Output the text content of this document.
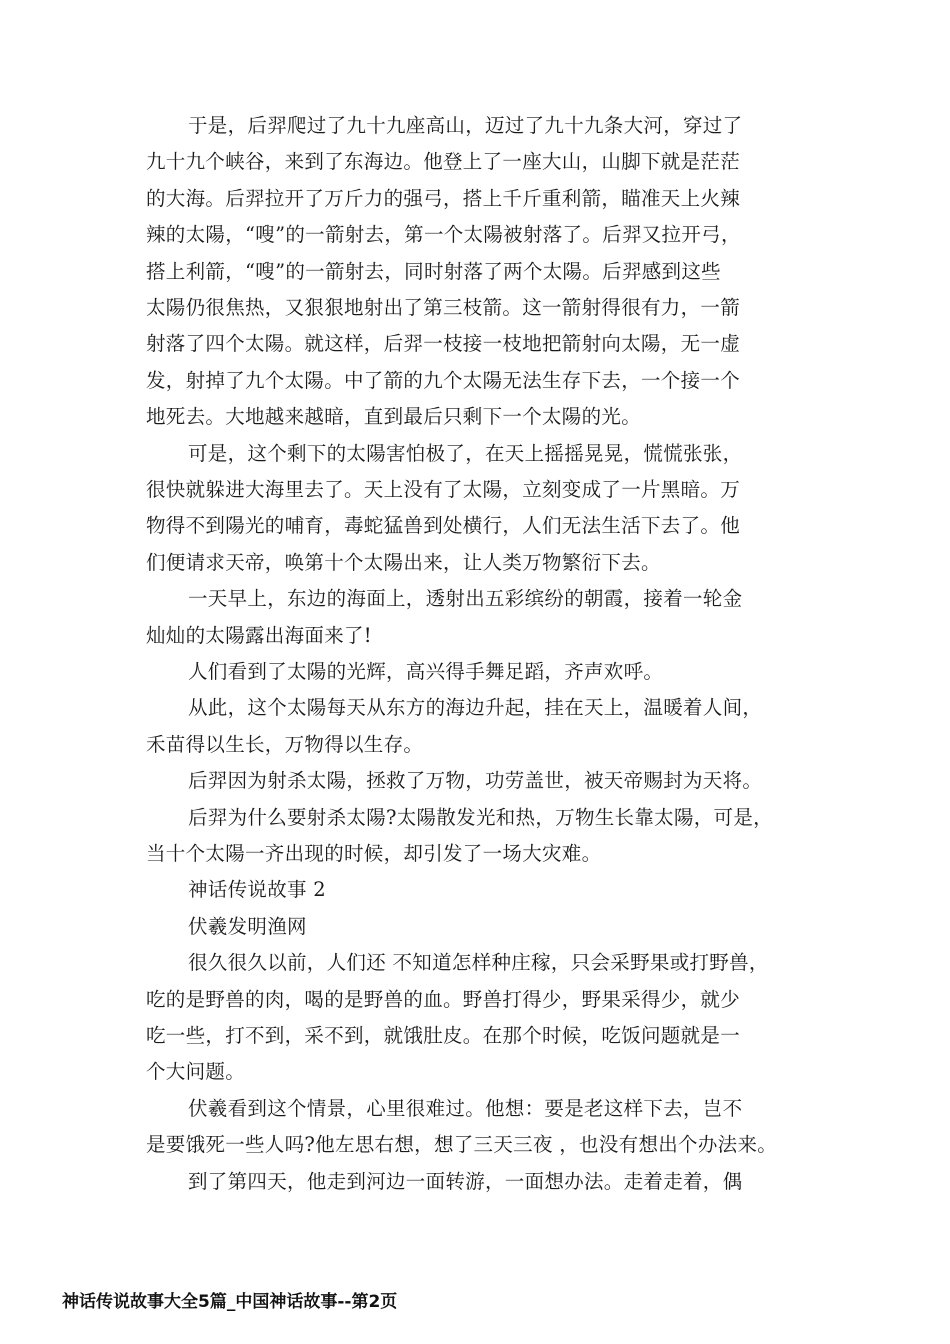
于是，后羿爬过了九十九座高山，迈过了九十九条大河，穿过了
九十九个峡谷，来到了东海边。他登上了一座大山，山脚下就是茫茫
的大海。后羿拉开了万斤力的强弓，搭上千斤重利箭，瞄准天上火辣
辣的太陽，“嗖”的一箭射去，第一个太陽被射落了。后羿又拉开弓，
搭上利箭，“嗖”的一箭射去，同时射落了两个太陽。后羿感到这些
太陽仍很焦热，又狠狠地射出了第三枝箭。这一箭射得很有力，一箭
射落了四个太陽。就这样，后羿一枝接一枝地把箭射向太陽，无一虚
发，射掉了九个太陽。中了箭的九个太陽无法生存下去，一个接一个
地死去。大地越来越暗，直到最后只剩下一个太陽的光。
可是，这个剩下的太陽害怕极了，在天上摇摇晃晃，慌慌张张，
很快就躲进大海里去了。天上没有了太陽，立刻变成了一片黑暗。万
物得不到陽光的哺育，毒蛇猛兽到处横行，人们无法生活下去了。他
们便请求天帝，唤第十个太陽出来，让人类万物繁衍下去。
一天早上，东边的海面上，透射出五彩缤纷的朝霞，接着一轮金
灿灿的太陽露出海面来了!
人们看到了太陽的光辉，高兴得手舞足蹈，齐声欢呼。
从此，这个太陽每天从东方的海边升起，挂在天上，温暖着人间，
禾苗得以生长，万物得以生存。
后羿因为射杀太陽，拯救了万物，功劳盖世，被天帝赐封为天将。
后羿为什么要射杀太陽?太陽散发光和热，万物生长靠太陽，可是，
当十个太陽一齐出现的时候，却引发了一场大灾难。
神话传说故事 2
伏羲发明渔网
很久很久以前，人们还 不知道怎样种庄稼，只会采野果或打野兽，
吃的是野兽的肉，喝的是野兽的血。野兽打得少，野果采得少，就少
吃一些，打不到，采不到，就饿肚皮。在那个时候，吃饭问题就是一
个大问题。
伏羲看到这个情景，心里很难过。他想：要是老这样下去，岂不
是要饿死一些人吗?他左思右想，想了三天三夜 ，也没有想出个办法来。
到了第四天，他走到河边一面转游，一面想办法。走着走着，偶
神话传说故事大全5篇_中国神话故事--第2页
